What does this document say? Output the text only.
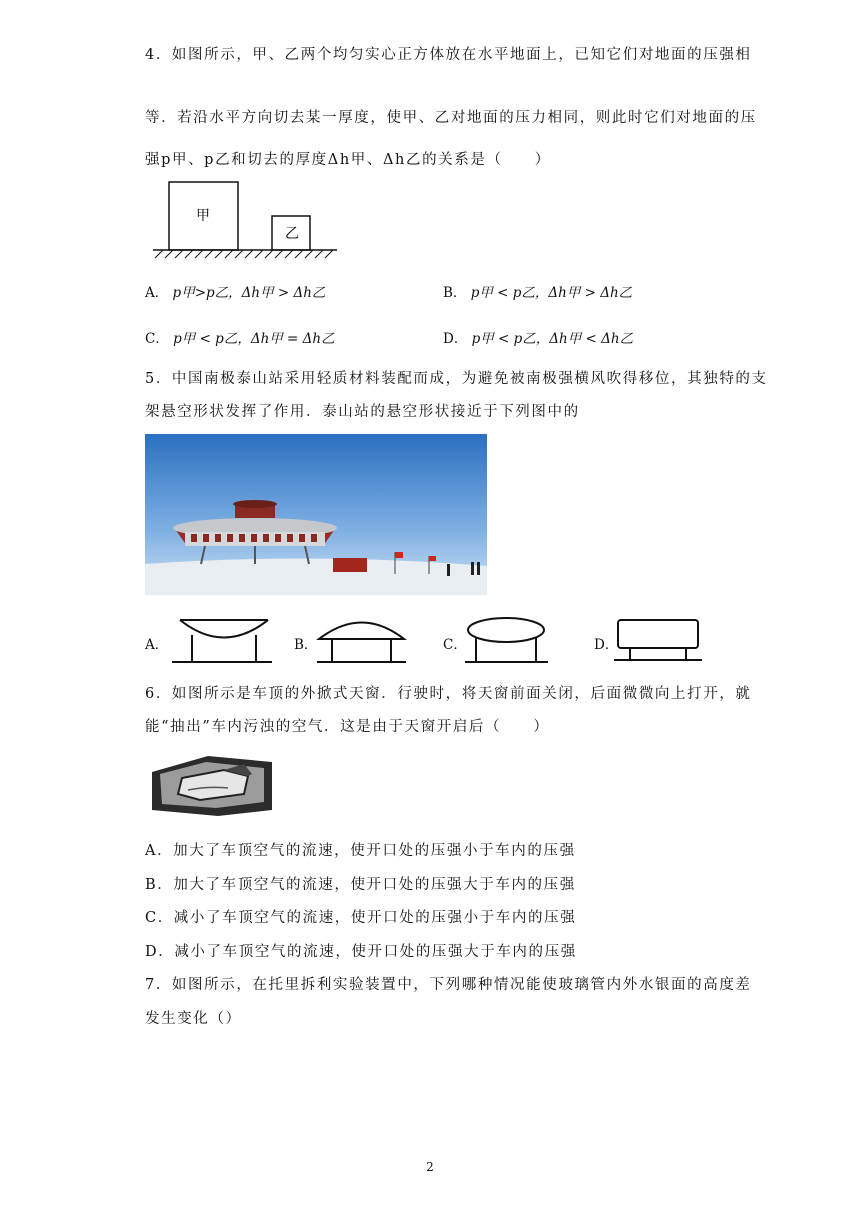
4．如图所示，甲、乙两个均匀实心正方体放在水平地面上，已知它们对地面的压强相
等．若沿水平方向切去某一厚度，使甲、乙对地面的压力相同，则此时它们对地面的压
强p甲、p乙和切去的厚度Δh甲、Δh乙的关系是（　　）
甲
乙
A． p甲>p乙，Δh甲 > Δh乙	B． p甲 < p乙，Δh甲 > Δh乙
C． p甲 < p乙，Δh甲 = Δh乙	D． p甲 < p乙，Δh甲 < Δh乙
5．中国南极泰山站采用轻质材料装配而成，为避免被南极强横风吹得移位，其独特的支
架悬空形状发挥了作用．泰山站的悬空形状接近于下列图中的
A．	B．	C．	D．
6．如图所示是车顶的外掀式天窗．行驶时，将天窗前面关闭，后面微微向上打开，就
能“抽出”车内污浊的空气．这是由于天窗开启后（　　）
A．加大了车顶空气的流速，使开口处的压强小于车内的压强
B．加大了车顶空气的流速，使开口处的压强大于车内的压强
C．减小了车顶空气的流速，使开口处的压强小于车内的压强
D．减小了车顶空气的流速，使开口处的压强大于车内的压强
7．如图所示，在托里拆利实验装置中，下列哪种情况能使玻璃管内外水银面的高度差
发生变化（）
2
